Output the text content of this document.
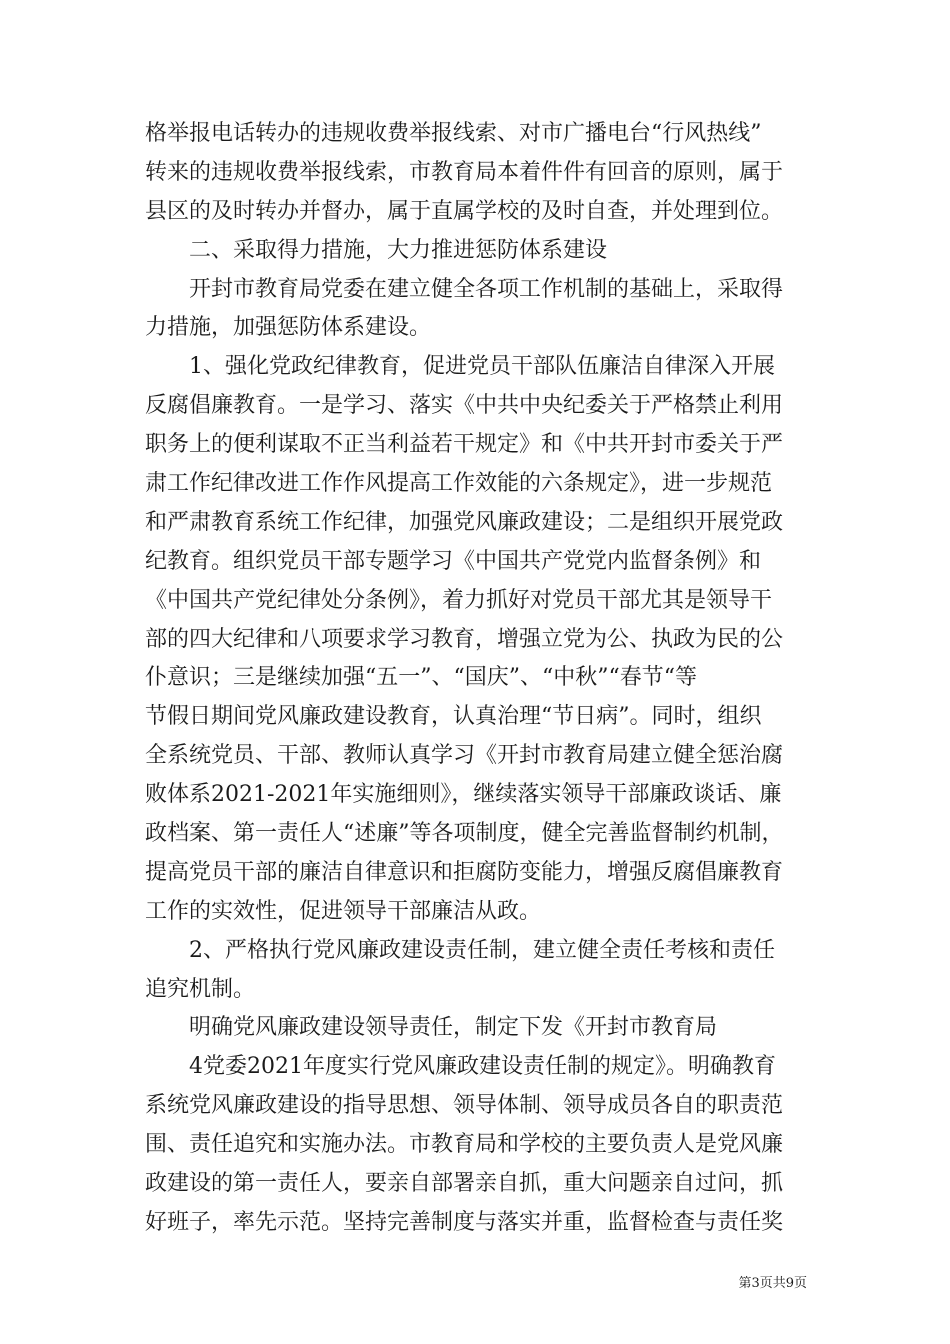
格举报电话转办的违规收费举报线索、对市广播电台“行风热线”
转来的违规收费举报线索，市教育局本着件件有回音的原则，属于
县区的及时转办并督办，属于直属学校的及时自查，并处理到位。
二、采取得力措施，大力推进惩防体系建设
开封市教育局党委在建立健全各项工作机制的基础上，采取得
力措施，加强惩防体系建设。
1、强化党政纪律教育，促进党员干部队伍廉洁自律深入开展
反腐倡廉教育。一是学习、落实《中共中央纪委关于严格禁止利用
职务上的便利谋取不正当利益若干规定》和《中共开封市委关于严
肃工作纪律改进工作作风提高工作效能的六条规定》，进一步规范
和严肃教育系统工作纪律，加强党风廉政建设；二是组织开展党政
纪教育。组织党员干部专题学习《中国共产党党内监督条例》和
《中国共产党纪律处分条例》，着力抓好对党员干部尤其是领导干
部的四大纪律和八项要求学习教育，增强立党为公、执政为民的公
仆意识；三是继续加强“五一”、“国庆”、“中秋”“春节“等
节假日期间党风廉政建设教育，认真治理“节日病”。同时，组织
全系统党员、干部、教师认真学习《开封市教育局建立健全惩治腐
败体系2021-2021年实施细则》，继续落实领导干部廉政谈话、廉
政档案、第一责任人“述廉”等各项制度，健全完善监督制约机制，
提高党员干部的廉洁自律意识和拒腐防变能力，增强反腐倡廉教育
工作的实效性，促进领导干部廉洁从政。
2、严格执行党风廉政建设责任制，建立健全责任考核和责任
追究机制。
明确党风廉政建设领导责任，制定下发《开封市教育局
4党委2021年度实行党风廉政建设责任制的规定》。明确教育
系统党风廉政建设的指导思想、领导体制、领导成员各自的职责范
围、责任追究和实施办法。市教育局和学校的主要负责人是党风廉
政建设的第一责任人，要亲自部署亲自抓，重大问题亲自过问，抓
好班子，率先示范。坚持完善制度与落实并重，监督检查与责任奖
第3页共9页
